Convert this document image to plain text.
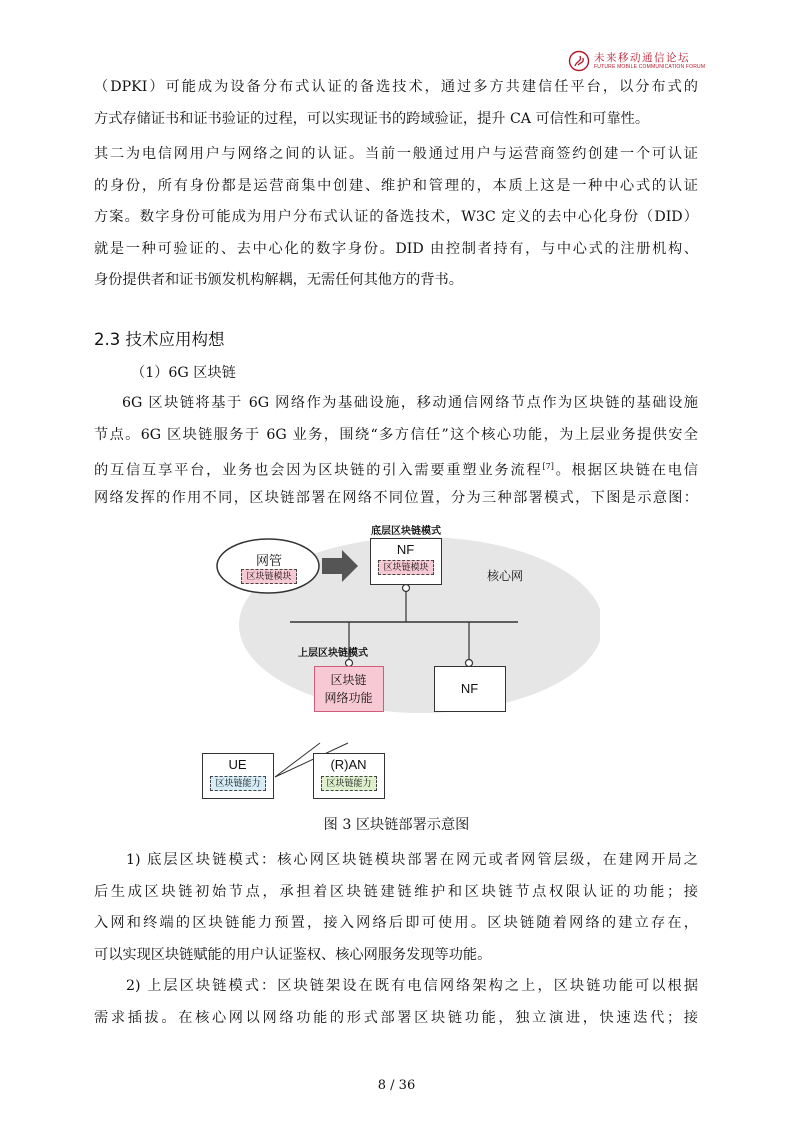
未来移动通信论坛
FUTURE MOBILE COMMUNICATION FORUM
（DPKI）可能成为设备分布式认证的备选技术，通过多方共建信任平台，以分布式的
方式存储证书和证书验证的过程，可以实现证书的跨域验证，提升 CA 可信性和可靠性。
其二为电信网用户与网络之间的认证。当前一般通过用户与运营商签约创建一个可认证
的身份，所有身份都是运营商集中创建、维护和管理的，本质上这是一种中心式的认证
方案。数字身份可能成为用户分布式认证的备选技术，W3C 定义的去中心化身份（DID）
就是一种可验证的、去中心化的数字身份。DID 由控制者持有，与中心式的注册机构、
身份提供者和证书颁发机构解耦，无需任何其他方的背书。
2.3 技术应用构想
（1）6G 区块链
6G 区块链将基于 6G 网络作为基础设施，移动通信网络节点作为区块链的基础设施
节点。6G 区块链服务于 6G 业务，围绕“多方信任”这个核心功能，为上层业务提供安全
的互信互享平台，业务也会因为区块链的引入需要重塑业务流程[7]。根据区块链在电信
网络发挥的作用不同，区块链部署在网络不同位置，分为三种部署模式，下图是示意图：
网管
区块链模块
底层区块链模式
NF
区块链模块
核心网
上层区块链模式
区块链
网络功能
NF
UE
区块链能力
(R)AN
区块链能力
图 3 区块链部署示意图
1) 底层区块链模式：核心网区块链模块部署在网元或者网管层级，在建网开局之
后生成区块链初始节点，承担着区块链建链维护和区块链节点权限认证的功能；接
入网和终端的区块链能力预置，接入网络后即可使用。区块链随着网络的建立存在，
可以实现区块链赋能的用户认证鉴权、核心网服务发现等功能。
2) 上层区块链模式：区块链架设在既有电信网络架构之上，区块链功能可以根据
需求插拔。在核心网以网络功能的形式部署区块链功能，独立演进，快速迭代；接
8 / 36
